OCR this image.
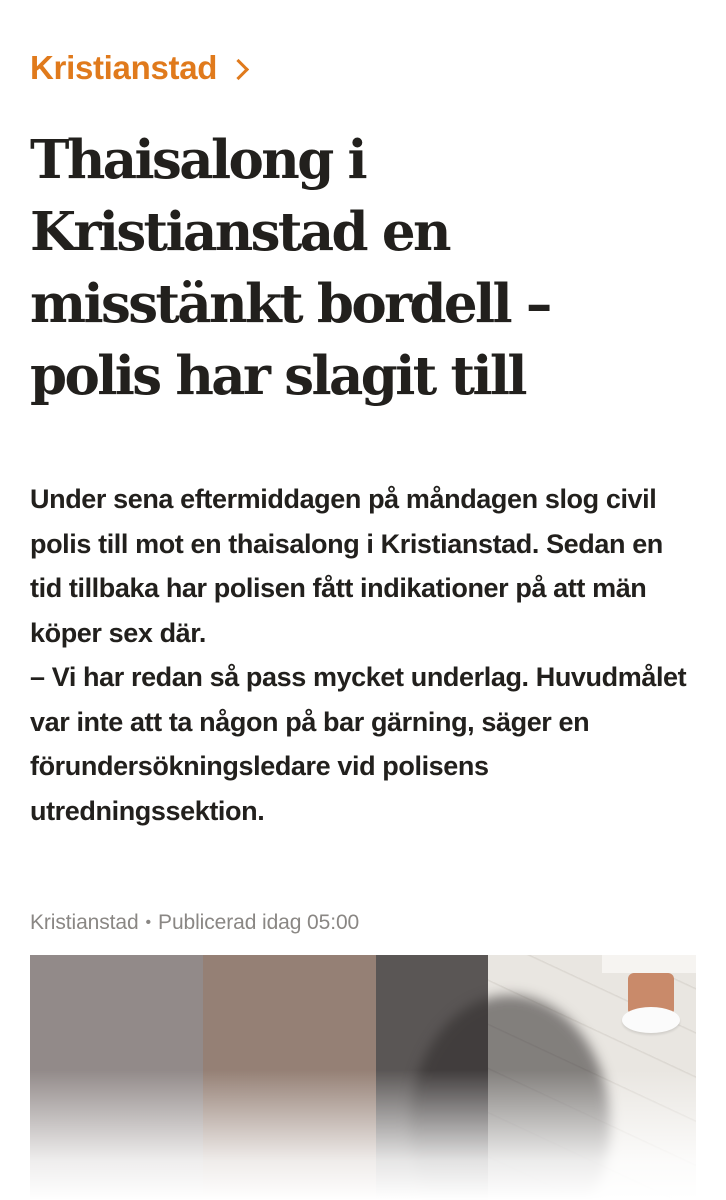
Kristianstad
Thaisalong i Kristianstad en misstänkt bordell – polis har slagit till

Under sena eftermiddagen på måndagen slog civil polis till mot en thaisalong i Kristianstad. Sedan en tid tillbaka har polisen fått indikationer på att män köper sex där.
– Vi har redan så pass mycket underlag. Huvudmålet var inte att ta någon på bar gärning, säger en förundersökningsledare vid polisens utredningssektion.

Kristianstad • Publicerad idag 05:00
